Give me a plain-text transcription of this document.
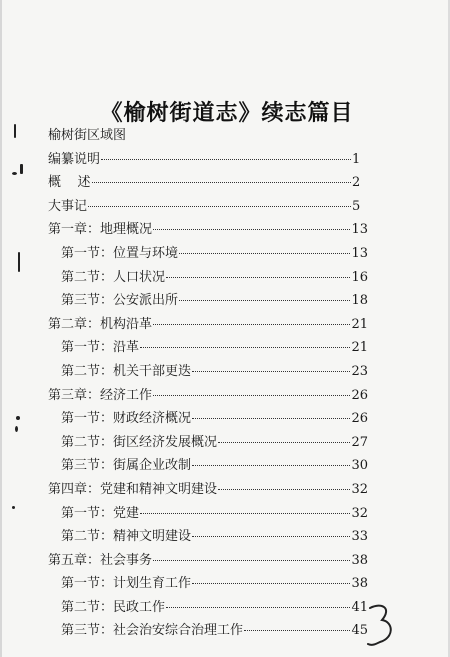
《榆树街道志》续志篇目
榆树街区域图
编纂说明	1
概    述	2
大事记	5
第一章：地理概况	13
第一节：位置与环境	13
第二节：人口状况	16
第三节：公安派出所	18
第二章：机构沿革	21
第一节：沿革	21
第二节：机关干部更迭	23
第三章：经济工作	26
第一节：财政经济概况	26
第二节：街区经济发展概况	27
第三节：街属企业改制	30
第四章：党建和精神文明建设	32
第一节：党建	32
第二节：精神文明建设	33
第五章：社会事务	38
第一节：计划生育工作	38
第二节：民政工作	41
第三节：社会治安综合治理工作	45
